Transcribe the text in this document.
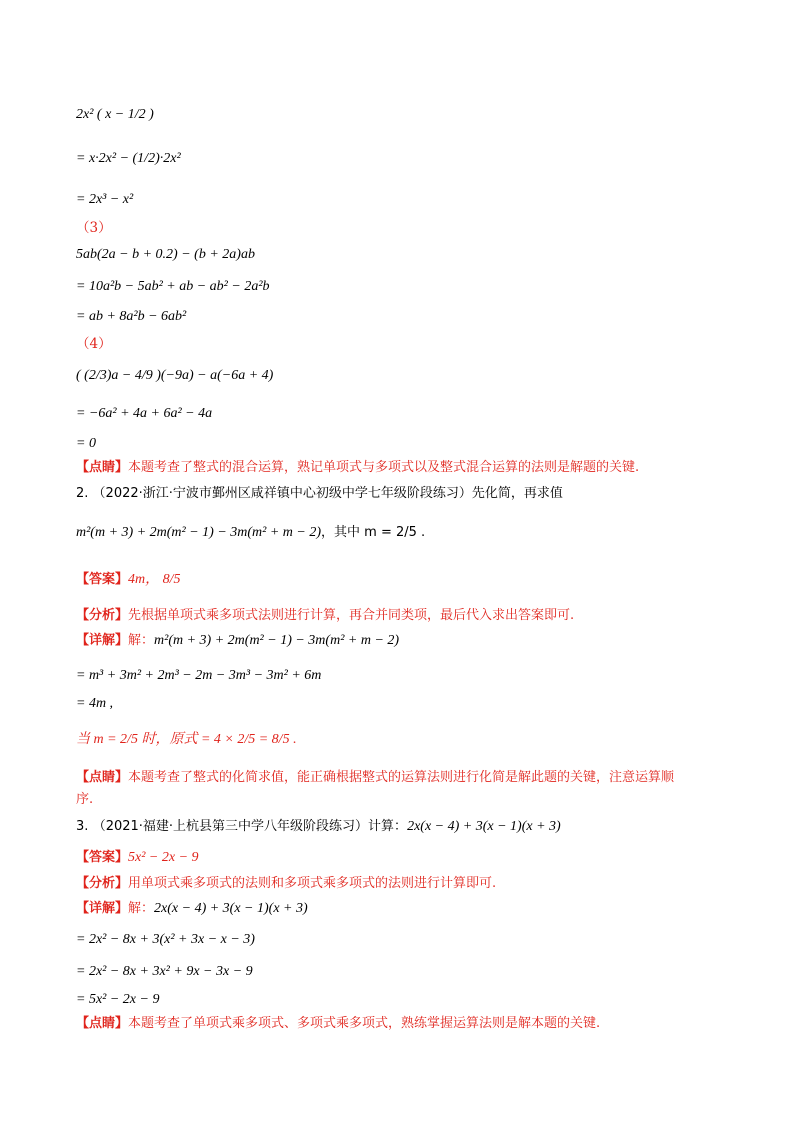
2x² ( x − 1/2 )
= x·2x² − (1/2)·2x²
= 2x³ − x²
（3）
5ab(2a − b + 0.2) − (b + 2a)ab
= 10a²b − 5ab² + ab − ab² − 2a²b
= ab + 8a²b − 6ab²
（4）
( (2/3)a − 4/9 )(−9a) − a(−6a + 4)
= −6a² + 4a + 6a² − 4a
= 0
【点睛】本题考查了整式的混合运算，熟记单项式与多项式以及整式混合运算的法则是解题的关键.
2. （2022·浙江·宁波市鄞州区咸祥镇中心初级中学七年级阶段练习）先化简，再求值
m²(m + 3) + 2m(m² − 1) − 3m(m² + m − 2)，其中 m = 2/5 .
【答案】4m， 8/5
【分析】先根据单项式乘多项式法则进行计算，再合并同类项，最后代入求出答案即可.
【详解】解：m²(m + 3) + 2m(m² − 1) − 3m(m² + m − 2)
= m³ + 3m² + 2m³ − 2m − 3m³ − 3m² + 6m
= 4m ,
当 m = 2/5 时，原式 = 4 × 2/5 = 8/5 .
【点睛】本题考查了整式的化简求值，能正确根据整式的运算法则进行化简是解此题的关键，注意运算顺
序.
3. （2021·福建·上杭县第三中学八年级阶段练习）计算：2x(x − 4) + 3(x − 1)(x + 3)
【答案】5x² − 2x − 9
【分析】用单项式乘多项式的法则和多项式乘多项式的法则进行计算即可.
【详解】解：2x(x − 4) + 3(x − 1)(x + 3)
= 2x² − 8x + 3(x² + 3x − x − 3)
= 2x² − 8x + 3x² + 9x − 3x − 9
= 5x² − 2x − 9
【点睛】本题考查了单项式乘多项式、多项式乘多项式，熟练掌握运算法则是解本题的关键.
